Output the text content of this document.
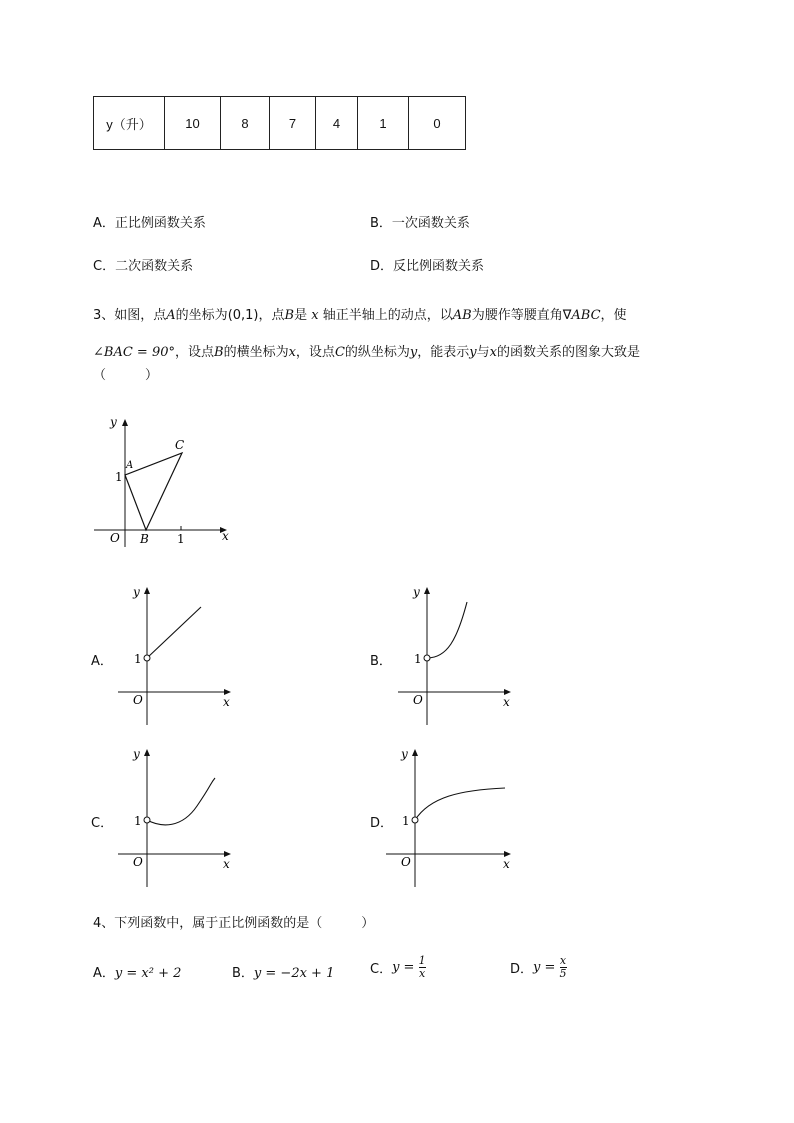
y（升）	10	8	7	4	1	0
A．正比例函数关系	B．一次函数关系
C．二次函数关系	D．反比例函数关系
3、如图，点A的坐标为(0,1)，点B是 x 轴正半轴上的动点，以AB为腰作等腰直角∇ABC，使
∠BAC = 90°，设点B的横坐标为x，设点C的纵坐标为y，能表示y与x的函数关系的图象大致是
（　　　）
y
x
O
A
B
C
1
1
A．
y
x
O
1	B．
y
x
O
1
C．
y
x
O
1	D．
y
x
O
1
4、下列函数中，属于正比例函数的是（　　　）
A．y = x² + 2	B．y = −2x + 1	C．$y = \frac{1}{x}$	D．$y = \frac{x}{5}$
